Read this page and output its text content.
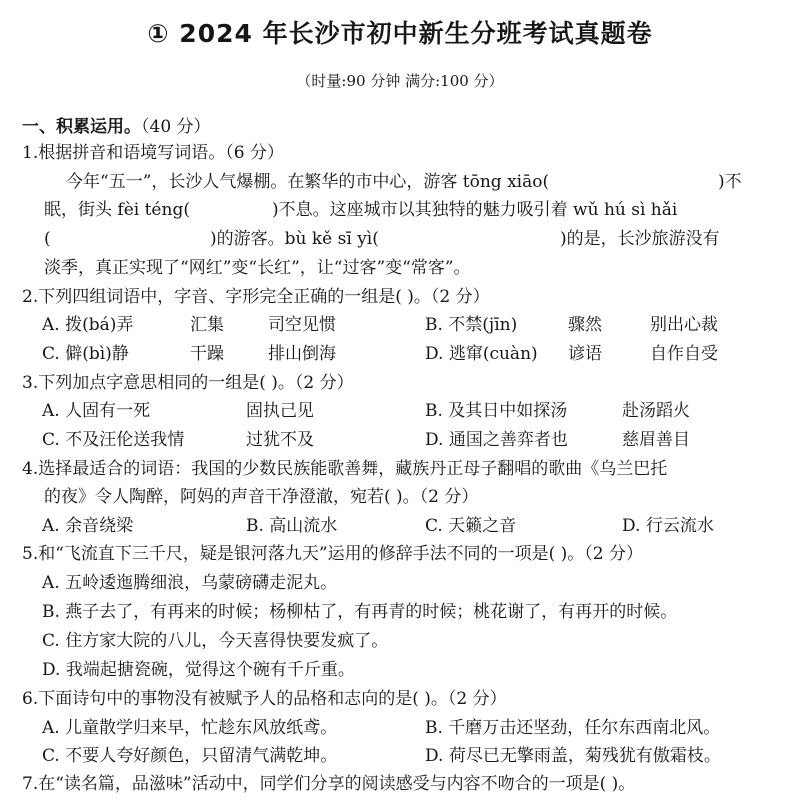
① 2024 年长沙市初中新生分班考试真题卷
（时量:90 分钟 满分:100 分）
一、积累运用。（40 分）
1.根据拼音和语境写词语。（6 分）
今年“五一”，长沙人气爆棚。在繁华的市中心，游客 tōng xiāo(	)不
眠，街头 fèi téng(	)不息。这座城市以其独特的魅力吸引着 wǔ hú sì hǎi
(	)的游客。bù kě sī yì(	)的是，长沙旅游没有
淡季，真正实现了“网红”变“长红”，让“过客”变“常客”。
2.下列四组词语中，字音、字形完全正确的一组是( )。（2 分）
A. 拨(bá)弄	汇集	司空见惯	B. 不禁(jīn)	骤然	别出心裁
C. 僻(bì)静	干躁	排山倒海	D. 逃窜(cuàn) 谚语	自作自受
3.下列加点字意思相同的一组是( )。（2 分）
A. 人固有一死	固执己见	B. 及其日中如探汤	赴汤蹈火
C. 不及汪伦送我情	过犹不及	D. 通国之善弈者也	慈眉善目
4.选择最适合的词语：我国的少数民族能歌善舞，藏族丹正母子翻唱的歌曲《乌兰巴托
的夜》令人陶醉，阿妈的声音干净澄澈，宛若( )。（2 分）
A. 余音绕梁	B. 高山流水	C. 天籁之音	D. 行云流水
5.和“飞流直下三千尺，疑是银河落九天”运用的修辞手法不同的一项是( )。（2 分）
A. 五岭逶迤腾细浪，乌蒙磅礴走泥丸。
B. 燕子去了，有再来的时候；杨柳枯了，有再青的时候；桃花谢了，有再开的时候。
C. 住方家大院的八儿，今天喜得快要发疯了。
D. 我端起搪瓷碗，觉得这个碗有千斤重。
6.下面诗句中的事物没有被赋予人的品格和志向的是( )。（2 分）
A. 儿童散学归来早，忙趁东风放纸鸢。	B. 千磨万击还坚劲，任尔东西南北风。
C. 不要人夸好颜色，只留清气满乾坤。	D. 荷尽已无擎雨盖，菊残犹有傲霜枝。
7.在“读名篇，品滋味”活动中，同学们分享的阅读感受与内容不吻合的一项是( )。
